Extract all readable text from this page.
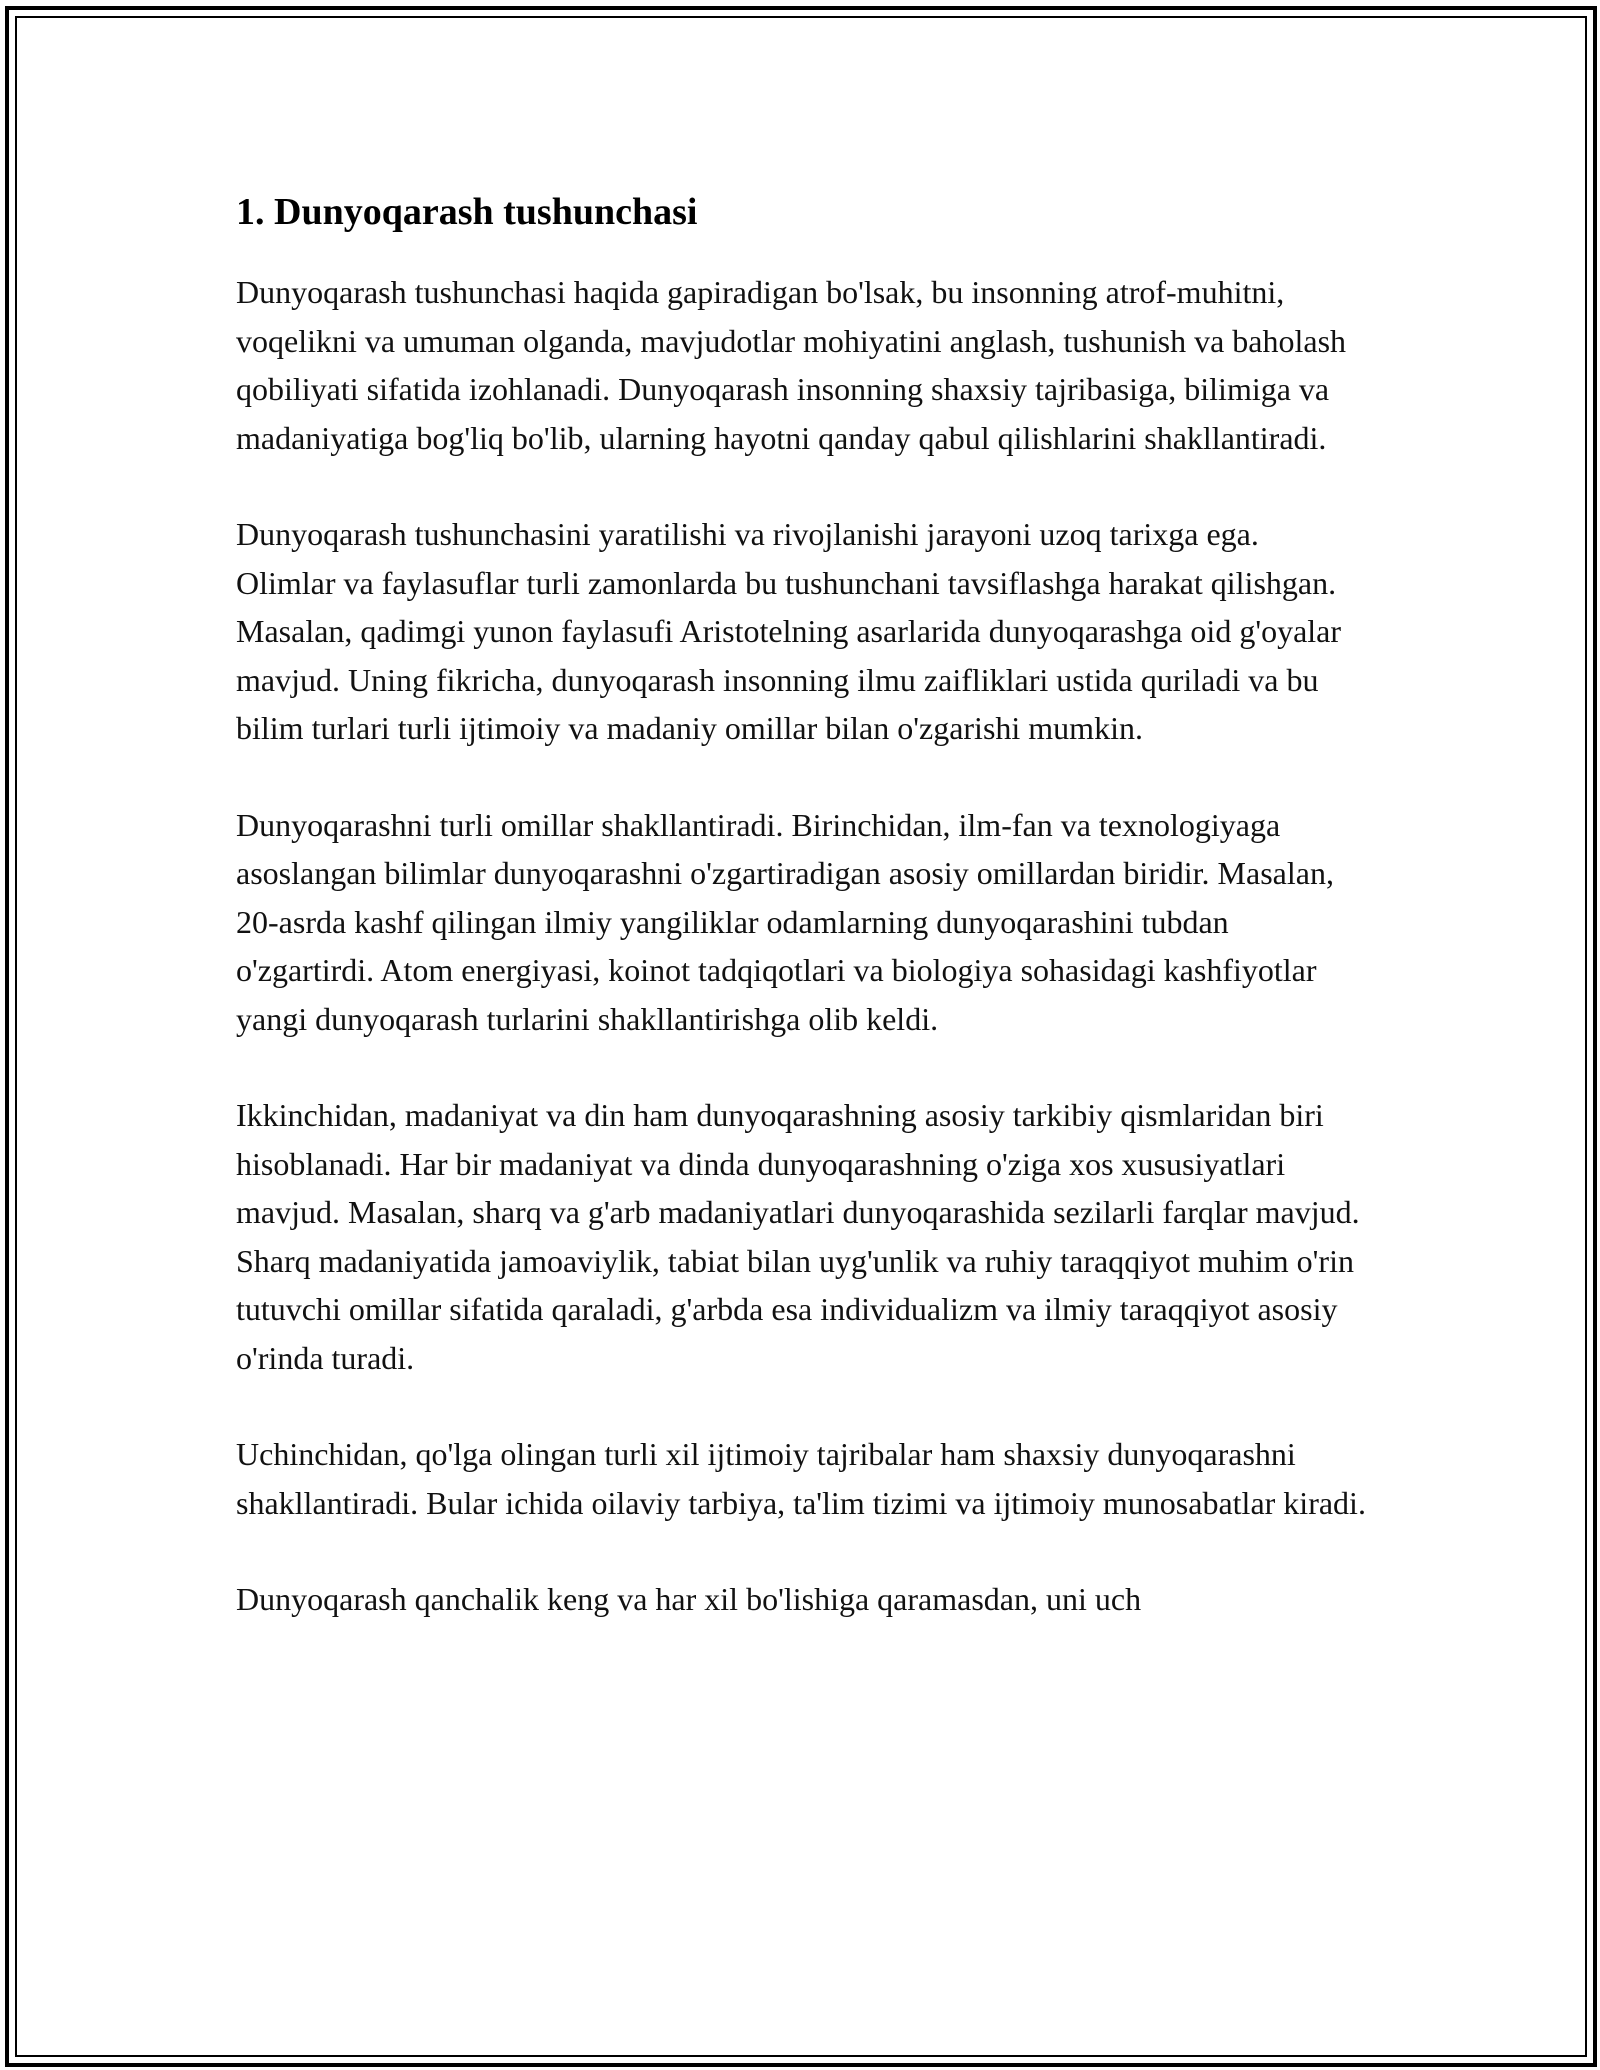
1. Dunyoqarash tushunchasi

Dunyoqarash tushunchasi haqida gapiradigan bo'lsak, bu insonning atrof-muhitni, voqelikni va umuman olganda, mavjudotlar mohiyatini anglash, tushunish va baholash qobiliyati sifatida izohlanadi. Dunyoqarash insonning shaxsiy tajribasiga, bilimiga va madaniyatiga bog'liq bo'lib, ularning hayotni qanday qabul qilishlarini shakllantiradi.

Dunyoqarash tushunchasini yaratilishi va rivojlanishi jarayoni uzoq tarixga ega. Olimlar va faylasuflar turli zamonlarda bu tushunchani tavsiflashga harakat qilishgan. Masalan, qadimgi yunon faylasufi Aristotelning asarlarida dunyoqarashga oid g'oyalar mavjud. Uning fikricha, dunyoqarash insonning ilmu zaifliklari ustida quriladi va bu bilim turlari turli ijtimoiy va madaniy omillar bilan o'zgarishi mumkin.

Dunyoqarashni turli omillar shakllantiradi. Birinchidan, ilm-fan va texnologiyaga asoslangan bilimlar dunyoqarashni o'zgartiradigan asosiy omillardan biridir. Masalan, 20-asrda kashf qilingan ilmiy yangiliklar odamlarning dunyoqarashini tubdan o'zgartirdi. Atom energiyasi, koinot tadqiqotlari va biologiya sohasidagi kashfiyotlar yangi dunyoqarash turlarini shakllantirishga olib keldi.

Ikkinchidan, madaniyat va din ham dunyoqarashning asosiy tarkibiy qismlaridan biri hisoblanadi. Har bir madaniyat va dinda dunyoqarashning o'ziga xos xususiyatlari mavjud. Masalan, sharq va g'arb madaniyatlari dunyoqarashida sezilarli farqlar mavjud. Sharq madaniyatida jamoaviylik, tabiat bilan uyg'unlik va ruhiy taraqqiyot muhim o'rin tutuvchi omillar sifatida qaraladi, g'arbda esa individualizm va ilmiy taraqqiyot asosiy o'rinda turadi.

Uchinchidan, qo'lga olingan turli xil ijtimoiy tajribalar ham shaxsiy dunyoqarashni shakllantiradi. Bular ichida oilaviy tarbiya, ta'lim tizimi va ijtimoiy munosabatlar kiradi.

Dunyoqarash qanchalik keng va har xil bo'lishiga qaramasdan, uni uch
